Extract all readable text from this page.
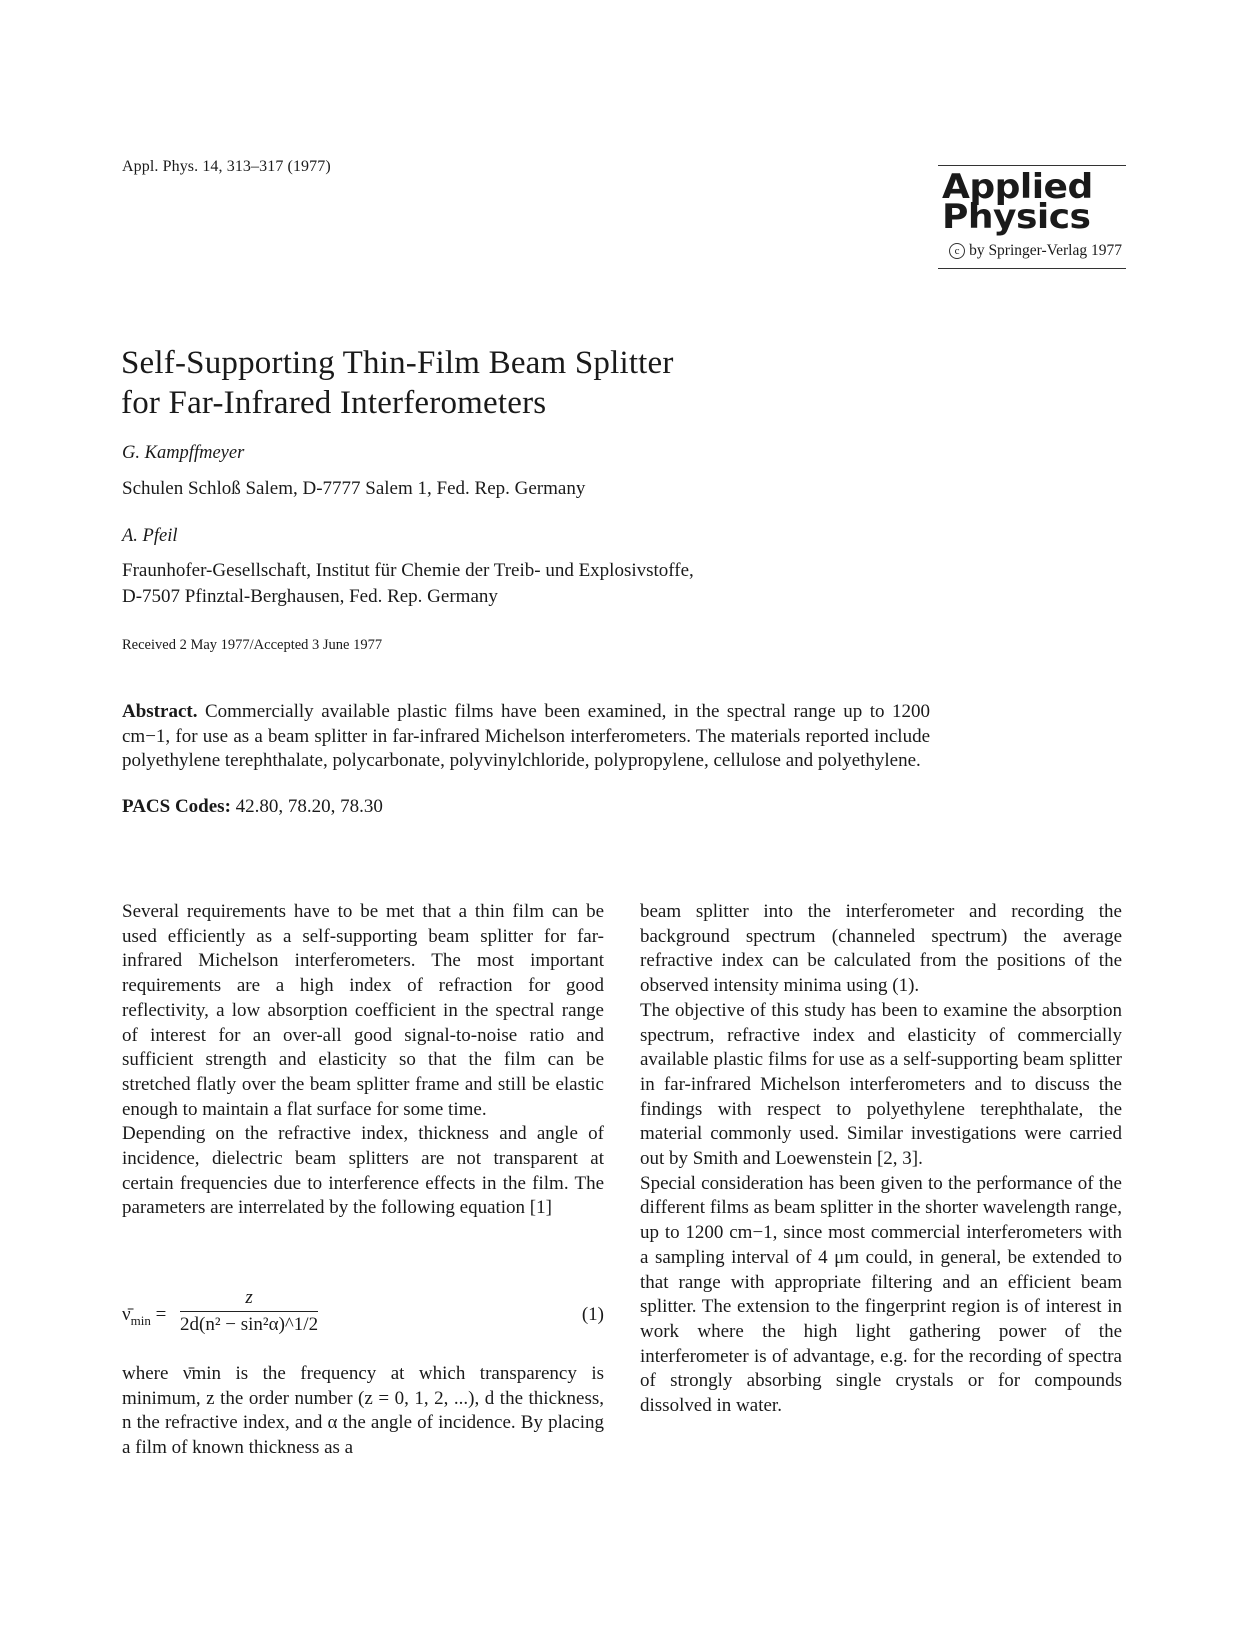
Appl. Phys. 14, 313–317 (1977)
Applied
Physics
c by Springer-Verlag 1977
Self-Supporting Thin-Film Beam Splitter
for Far-Infrared Interferometers
G. Kampffmeyer
Schulen Schloß Salem, D-7777 Salem 1, Fed. Rep. Germany
A. Pfeil
Fraunhofer-Gesellschaft, Institut für Chemie der Treib- und Explosivstoffe,
D-7507 Pfinztal-Berghausen, Fed. Rep. Germany
Received 2 May 1977/Accepted 3 June 1977
Abstract. Commercially available plastic films have been examined, in the spectral range up to 1200 cm−1, for use as a beam splitter in far-infrared Michelson interferometers. The materials reported include polyethylene terephthalate, polycarbonate, polyvinylchloride, polypropylene, cellulose and polyethylene.
PACS Codes: 42.80, 78.20, 78.30

Several requirements have to be met that a thin film can be used efficiently as a self-supporting beam splitter for far-infrared Michelson interferometers. The most important requirements are a high index of refraction for good reflectivity, a low absorption coefficient in the spectral range of interest for an over-all good signal-to-noise ratio and sufficient strength and elasticity so that the film can be stretched flatly over the beam splitter frame and still be elastic enough to maintain a flat surface for some time.

Depending on the refractive index, thickness and angle of incidence, dielectric beam splitters are not transparent at certain frequencies due to interference effects in the film. The parameters are interrelated by the following equation [1]

$\nū_{min} = \frac{z}{\text{2d(n² − sin²α)\textasciicircum{}1/2}}$	(1)

where ν̄min is the frequency at which transparency is minimum, z the order number (z = 0, 1, 2, ...), d the thickness, n the refractive index, and α the angle of incidence. By placing a film of known thickness as a

beam splitter into the interferometer and recording the background spectrum (channeled spectrum) the average refractive index can be calculated from the positions of the observed intensity minima using (1).

The objective of this study has been to examine the absorption spectrum, refractive index and elasticity of commercially available plastic films for use as a self-supporting beam splitter in far-infrared Michelson interferometers and to discuss the findings with respect to polyethylene terephthalate, the material commonly used. Similar investigations were carried out by Smith and Loewenstein [2, 3].

Special consideration has been given to the performance of the different films as beam splitter in the shorter wavelength range, up to 1200 cm−1, since most commercial interferometers with a sampling interval of 4 μm could, in general, be extended to that range with appropriate filtering and an efficient beam splitter. The extension to the fingerprint region is of interest in work where the high light gathering power of the interferometer is of advantage, e.g. for the recording of spectra of strongly absorbing single crystals or for compounds dissolved in water.
